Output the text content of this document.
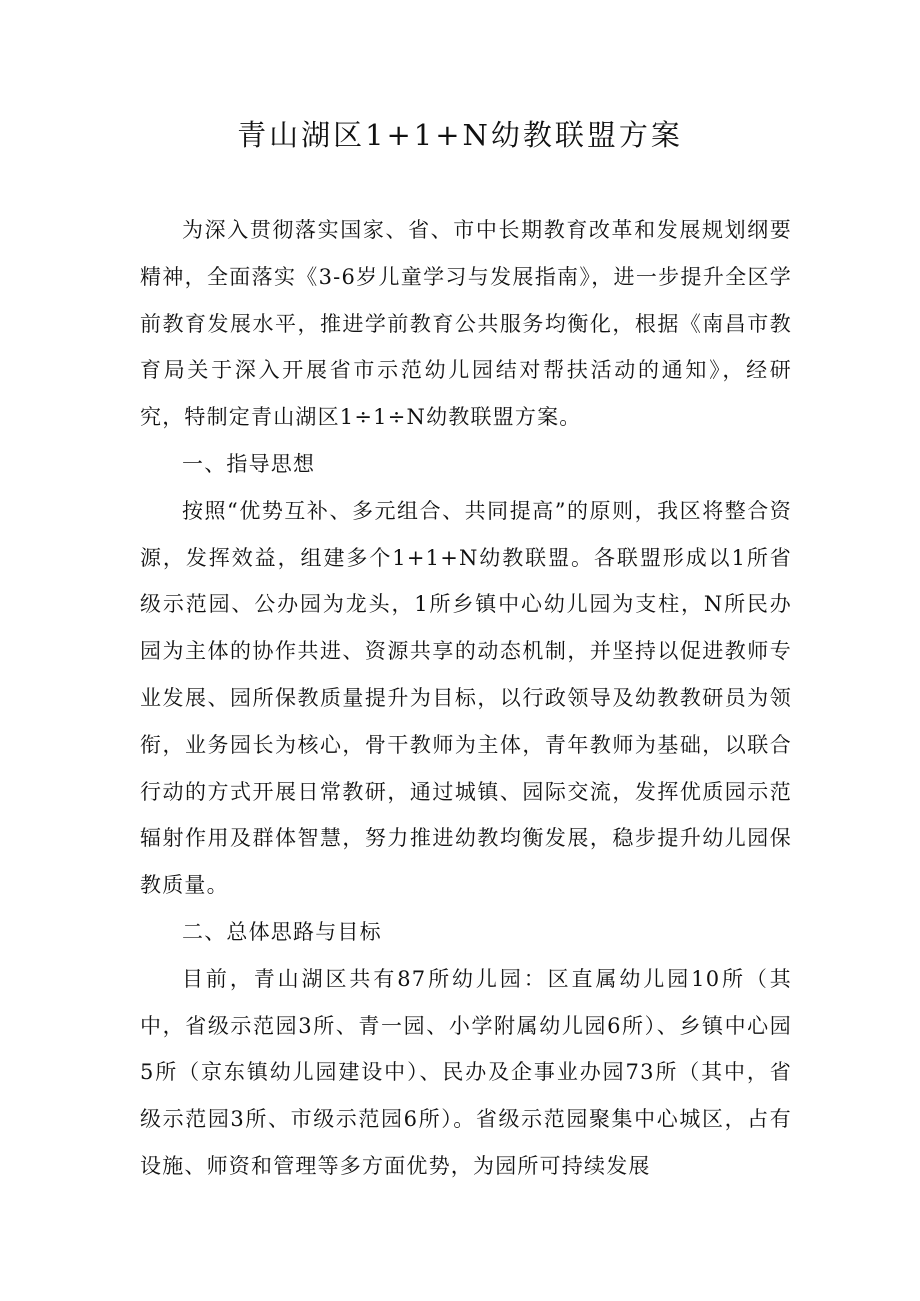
青山湖区1+1+N幼教联盟方案

为深入贯彻落实国家、省、市中长期教育改革和发展规划纲要精神，全面落实《3-6岁儿童学习与发展指南》，进一步提升全区学前教育发展水平，推进学前教育公共服务均衡化，根据《南昌市教育局关于深入开展省市示范幼儿园结对帮扶活动的通知》，经研究，特制定青山湖区1÷1÷N幼教联盟方案。

一、指导思想

按照“优势互补、多元组合、共同提高”的原则，我区将整合资源，发挥效益，组建多个1+1+N幼教联盟。各联盟形成以1所省级示范园、公办园为龙头，1所乡镇中心幼儿园为支柱，N所民办园为主体的协作共进、资源共享的动态机制，并坚持以促进教师专业发展、园所保教质量提升为目标，以行政领导及幼教教研员为领衔，业务园长为核心，骨干教师为主体，青年教师为基础，以联合行动的方式开展日常教研，通过城镇、园际交流，发挥优质园示范辐射作用及群体智慧，努力推进幼教均衡发展，稳步提升幼儿园保教质量。

二、总体思路与目标

目前，青山湖区共有87所幼儿园：区直属幼儿园10所（其中，省级示范园3所、青一园、小学附属幼儿园6所）、乡镇中心园5所（京东镇幼儿园建设中）、民办及企事业办园73所（其中，省级示范园3所、市级示范园6所）。省级示范园聚集中心城区，占有设施、师资和管理等多方面优势，为园所可持续发展
